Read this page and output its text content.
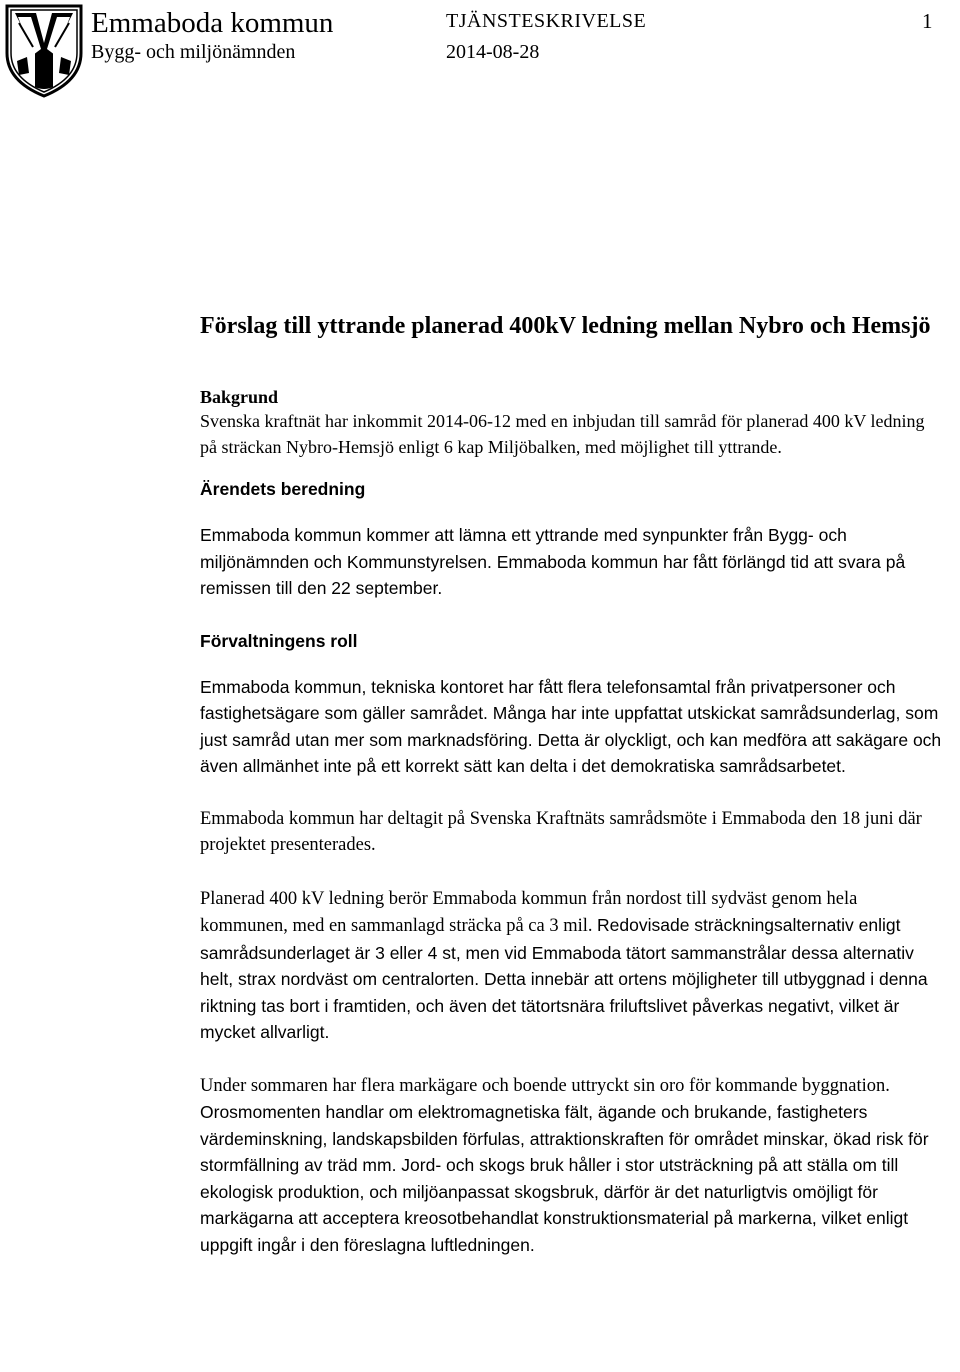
Emmaboda kommun
Bygg- och miljönämnden
TJÄNSTESKRIVELSE
2014-08-28
1
Förslag till yttrande planerad 400kV ledning mellan Nybro och Hemsjö
Bakgrund

Svenska kraftnät har inkommit 2014-06-12 med en inbjudan till samråd för planerad 400 kV ledning på sträckan Nybro-Hemsjö enligt 6 kap Miljöbalken, med möjlighet till yttrande.

Ärendets beredning

Emmaboda kommun kommer att lämna ett yttrande med synpunkter från Bygg- och miljönämnden och Kommunstyrelsen. Emmaboda kommun har fått förlängd tid att svara på remissen till den 22 september.

Förvaltningens roll

Emmaboda kommun, tekniska kontoret har fått flera telefonsamtal från privatpersoner och fastighetsägare som gäller samrådet. Många har inte uppfattat utskickat samrådsunderlag, som just samråd utan mer som marknadsföring. Detta är olyckligt, och kan medföra att sakägare och även allmänhet inte på ett korrekt sätt kan delta i det demokratiska samrådsarbetet.

Emmaboda kommun har deltagit på Svenska Kraftnäts samrådsmöte i Emmaboda den 18 juni där projektet presenterades.

Planerad 400 kV ledning berör Emmaboda kommun från nordost till sydväst genom hela kommunen, med en sammanlagd sträcka på ca 3 mil. Redovisade sträckningsalternativ enligt samrådsunderlaget är 3 eller 4 st, men vid Emmaboda tätort sammanstrålar dessa alternativ helt, strax nordväst om centralorten. Detta innebär att ortens möjligheter till utbyggnad i denna riktning tas bort i framtiden, och även det tätortsnära friluftslivet påverkas negativt, vilket är mycket allvarligt.

Under sommaren har flera markägare och boende uttryckt sin oro för kommande byggnation. Orosmomenten handlar om elektromagnetiska fält, ägande och brukande, fastigheters värdeminskning, landskapsbilden förfulas, attraktionskraften för området minskar, ökad risk för stormfällning av träd mm. Jord- och skogs bruk håller i stor utsträckning på att ställa om till ekologisk produktion, och miljöanpassat skogsbruk, därför är det naturligtvis omöjligt för markägarna att acceptera kreosotbehandlat konstruktionsmaterial på markerna, vilket enligt uppgift ingår i den föreslagna luftledningen.
